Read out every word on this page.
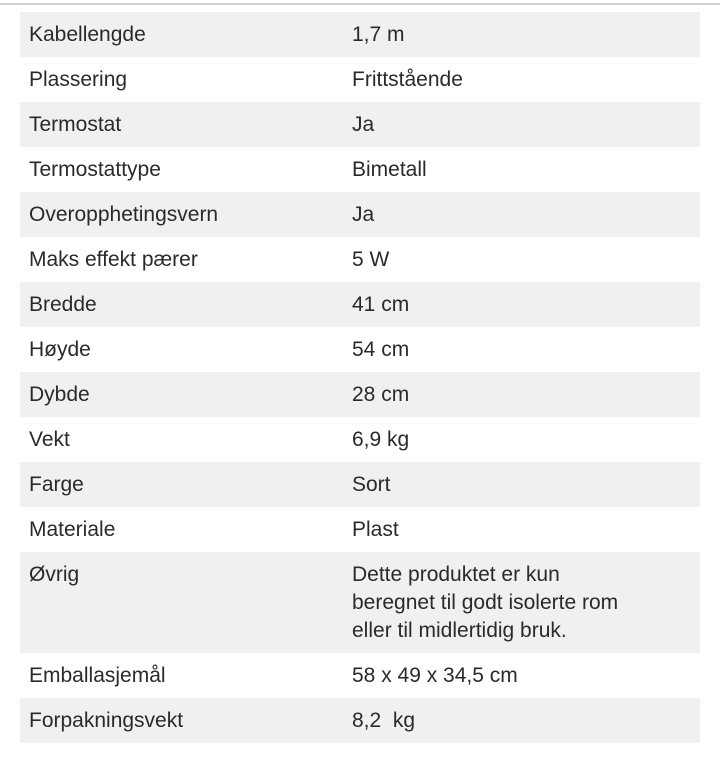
Kabellengde	1,7 m
Plassering	Frittstående
Termostat	Ja
Termostattype	Bimetall
Overopphetingsvern	Ja
Maks effekt pærer	5 W
Bredde	41 cm
Høyde	54 cm
Dybde	28 cm
Vekt	6,9 kg
Farge	Sort
Materiale	Plast
Øvrig	Dette produktet er kun beregnet til godt isolerte rom eller til midlertidig bruk.
Emballasjemål	58 x 49 x 34,5 cm
Forpakningsvekt	8,2  kg
